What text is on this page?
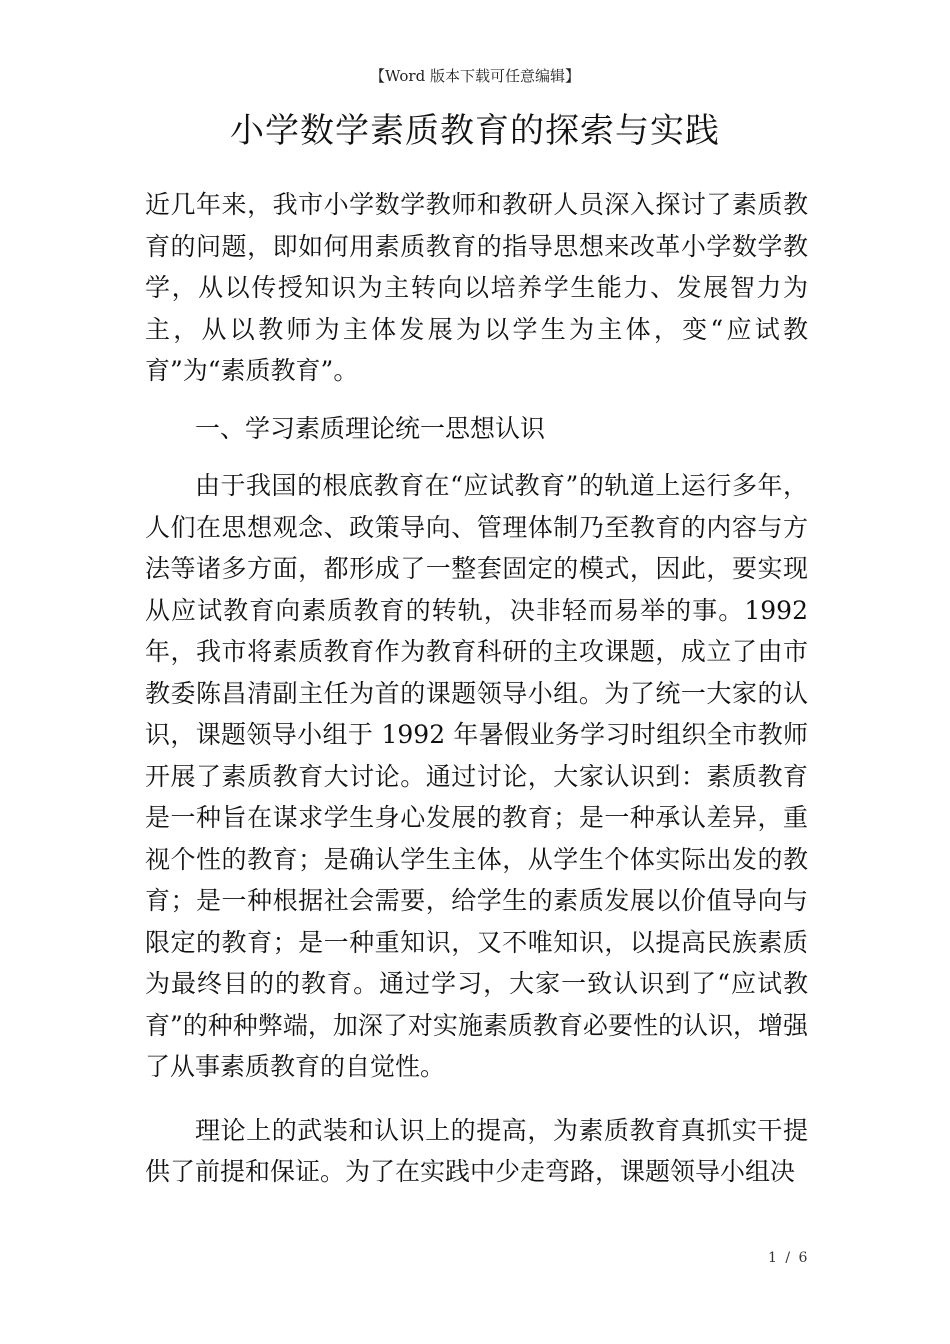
【Word 版本下载可任意编辑】
小学数学素质教育的探索与实践

近几年来，我市小学数学教师和教研人员深入探讨了素质教育的问题，即如何用素质教育的指导思想来改革小学数学教学，从以传授知识为主转向以培养学生能力、发展智力为主，从以教师为主体发展为以学生为主体，变“应试教育”为“素质教育”。

一、学习素质理论统一思想认识

由于我国的根底教育在“应试教育”的轨道上运行多年，人们在思想观念、政策导向、管理体制乃至教育的内容与方法等诸多方面，都形成了一整套固定的模式，因此，要实现从应试教育向素质教育的转轨，决非轻而易举的事。1992年，我市将素质教育作为教育科研的主攻课题，成立了由市教委陈昌清副主任为首的课题领导小组。为了统一大家的认识，课题领导小组于 1992 年暑假业务学习时组织全市教师开展了素质教育大讨论。通过讨论，大家认识到：素质教育是一种旨在谋求学生身心发展的教育；是一种承认差异，重视个性的教育；是确认学生主体，从学生个体实际出发的教育；是一种根据社会需要，给学生的素质发展以价值导向与限定的教育；是一种重知识，又不唯知识，以提高民族素质为最终目的的教育。通过学习，大家一致认识到了“应试教育”的种种弊端，加深了对实施素质教育必要性的认识，增强了从事素质教育的自觉性。

理论上的武装和认识上的提高，为素质教育真抓实干提供了前提和保证。为了在实践中少走弯路，课题领导小组决

1 / 6
